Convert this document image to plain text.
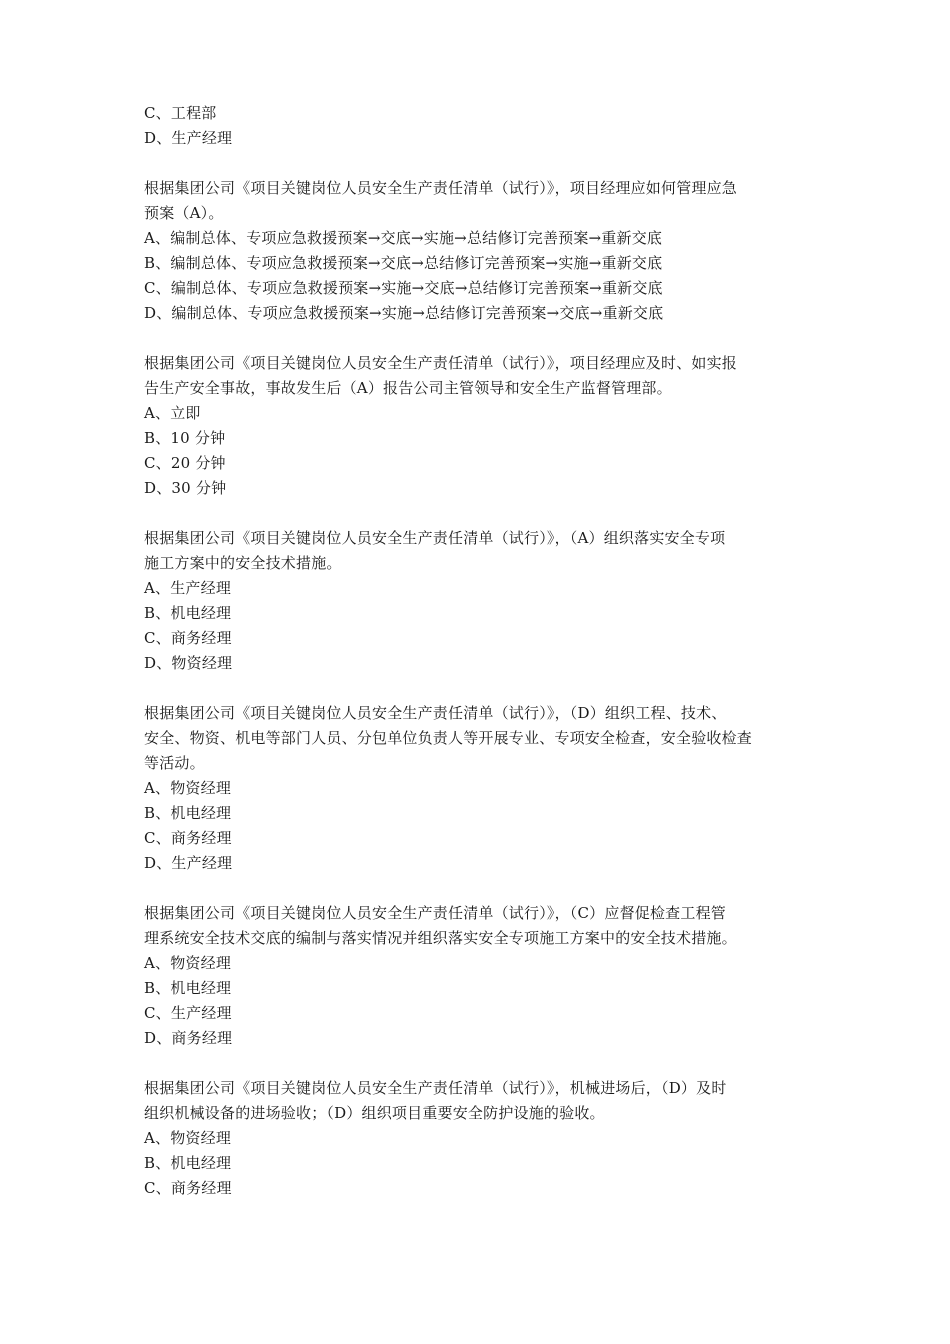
C、工程部
D、生产经理
根据集团公司《项目关键岗位人员安全生产责任清单（试行）》，项目经理应如何管理应急
预案（A）。
A、编制总体、专项应急救援预案→交底→实施→总结修订完善预案→重新交底
B、编制总体、专项应急救援预案→交底→总结修订完善预案→实施→重新交底
C、编制总体、专项应急救援预案→实施→交底→总结修订完善预案→重新交底
D、编制总体、专项应急救援预案→实施→总结修订完善预案→交底→重新交底
根据集团公司《项目关键岗位人员安全生产责任清单（试行）》，项目经理应及时、如实报
告生产安全事故，事故发生后（A）报告公司主管领导和安全生产监督管理部。
A、立即
B、10 分钟
C、20 分钟
D、30 分钟
根据集团公司《项目关键岗位人员安全生产责任清单（试行）》，（A）组织落实安全专项
施工方案中的安全技术措施。
A、生产经理
B、机电经理
C、商务经理
D、物资经理
根据集团公司《项目关键岗位人员安全生产责任清单（试行）》，（D）组织工程、技术、
安全、物资、机电等部门人员、分包单位负责人等开展专业、专项安全检查，安全验收检查
等活动。
A、物资经理
B、机电经理
C、商务经理
D、生产经理
根据集团公司《项目关键岗位人员安全生产责任清单（试行）》，（C）应督促检查工程管
理系统安全技术交底的编制与落实情况并组织落实安全专项施工方案中的安全技术措施。
A、物资经理
B、机电经理
C、生产经理
D、商务经理
根据集团公司《项目关键岗位人员安全生产责任清单（试行）》，机械进场后，（D）及时
组织机械设备的进场验收；（D）组织项目重要安全防护设施的验收。
A、物资经理
B、机电经理
C、商务经理
